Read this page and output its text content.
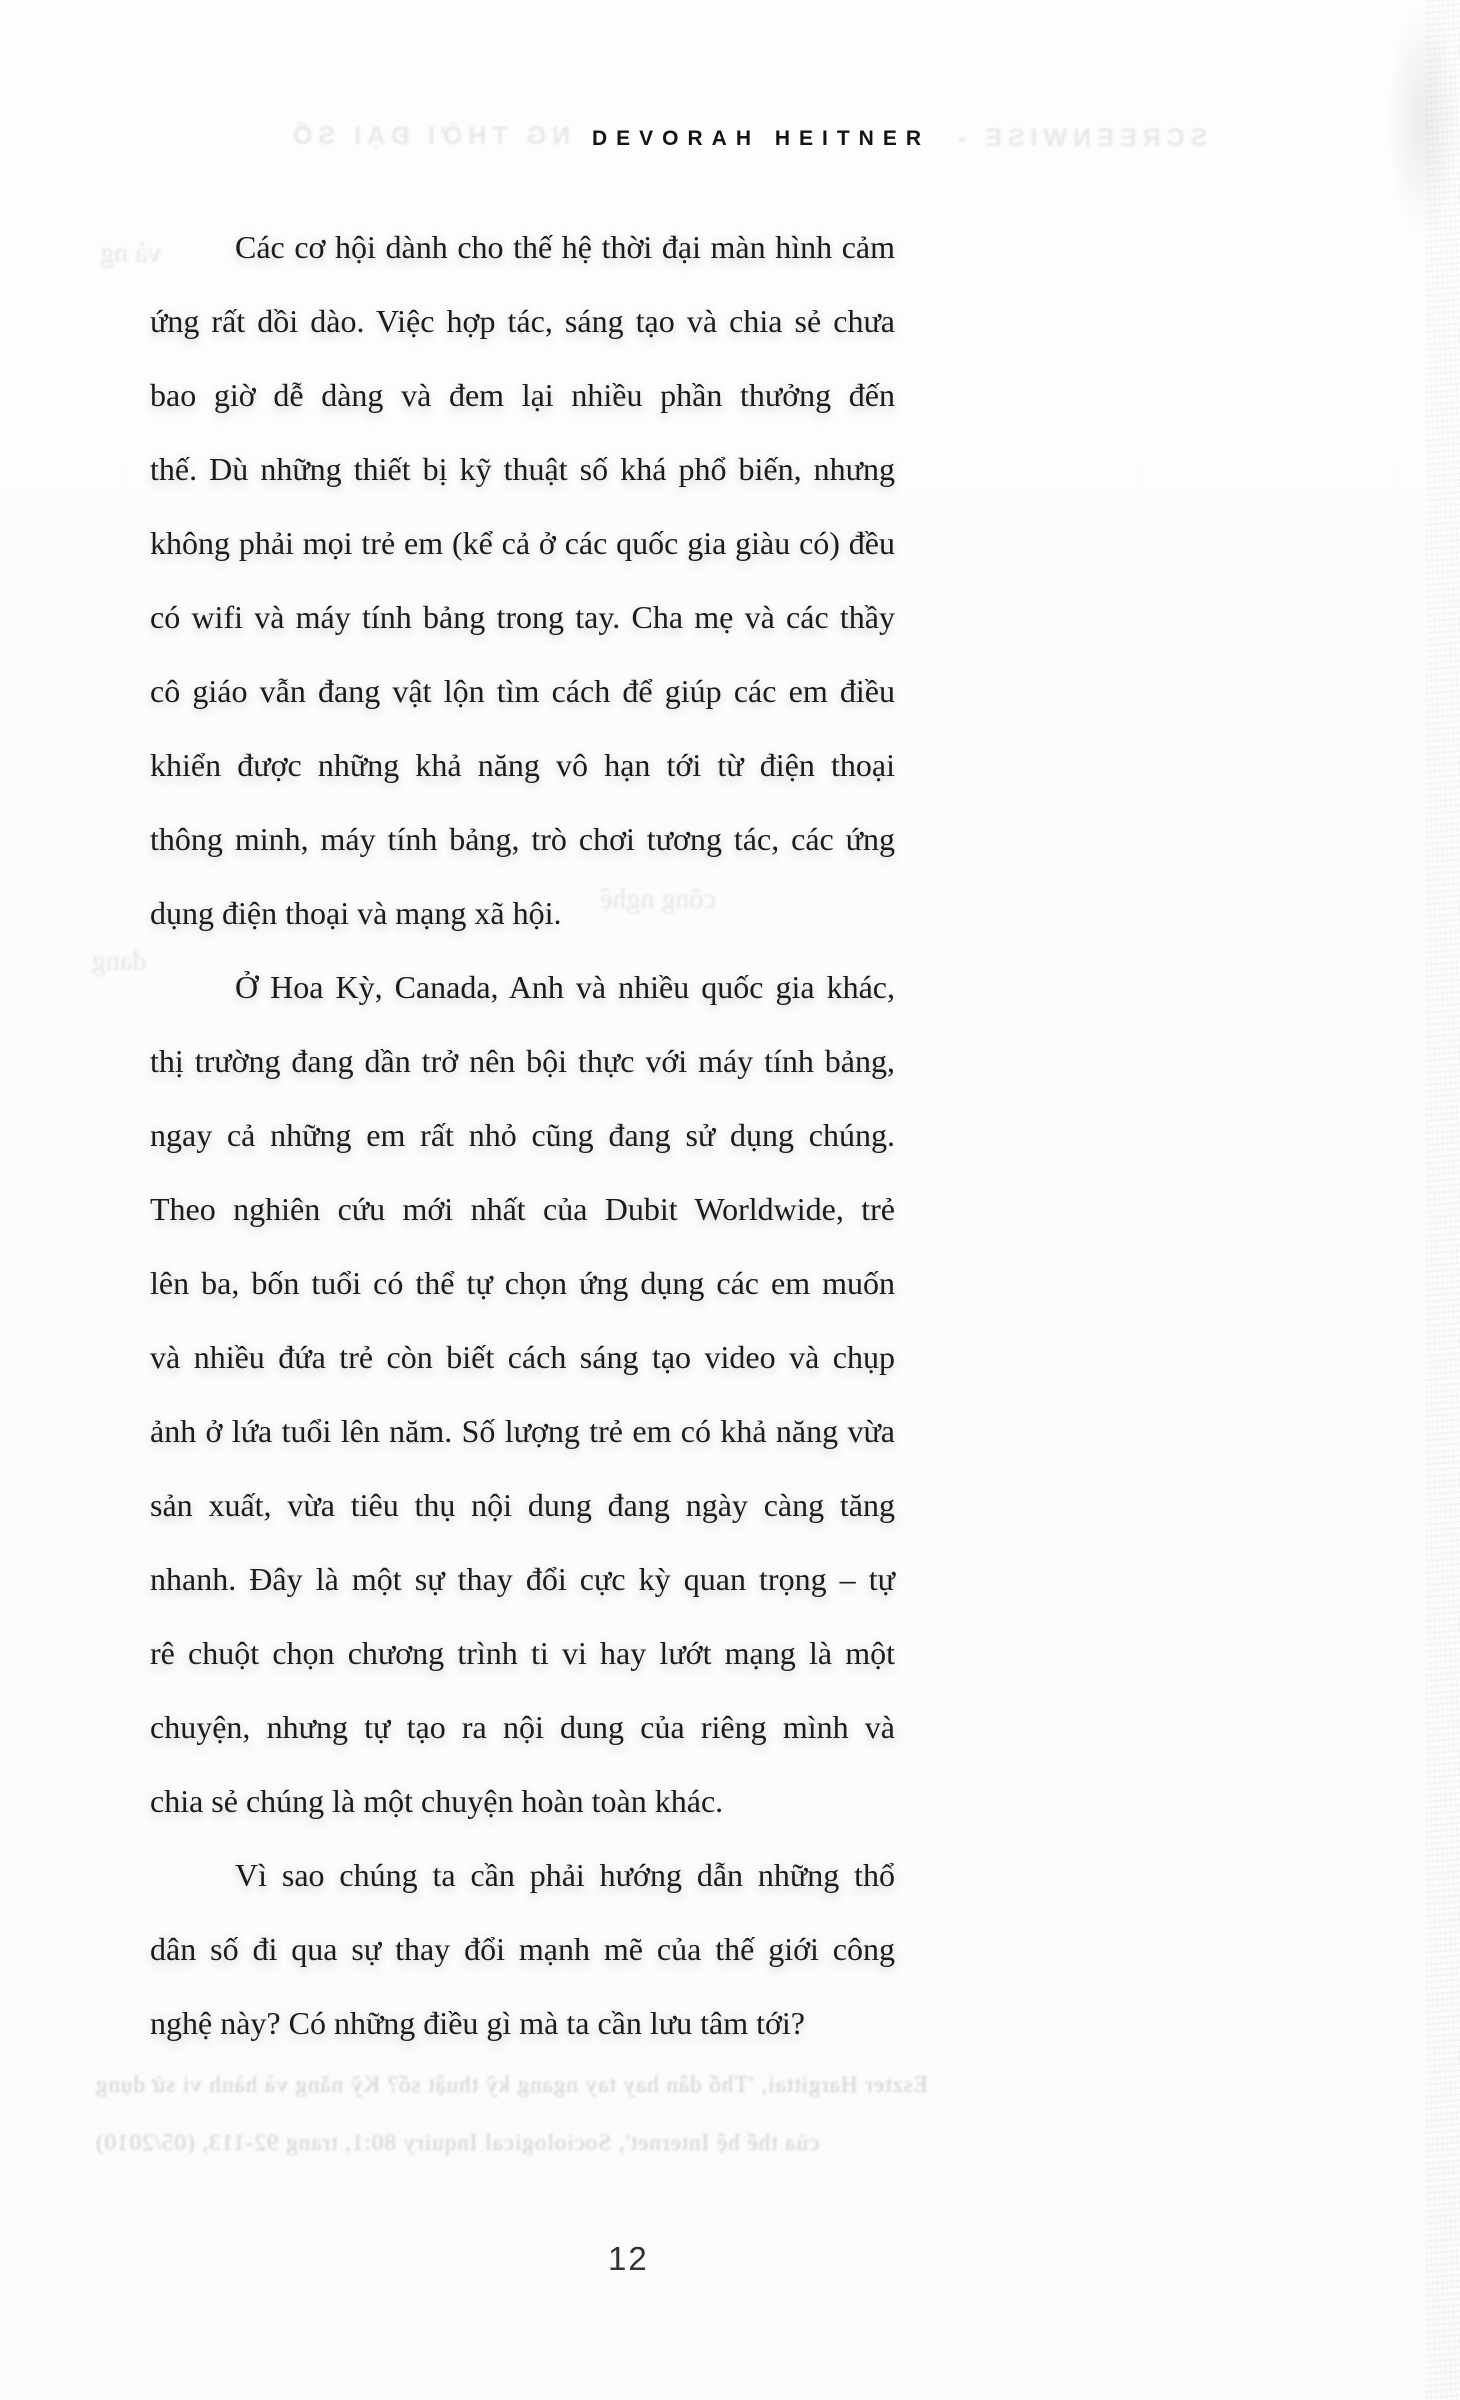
NG THỜI ĐẠI SỐ DEVORAH HEITNER SCREENWISE -
Các cơ hội dành cho thế hệ thời đại màn hình cảm
ứng rất dồi dào. Việc hợp tác, sáng tạo và chia sẻ chưa
bao giờ dễ dàng và đem lại nhiều phần thưởng đến
thế. Dù những thiết bị kỹ thuật số khá phổ biến, nhưng
không phải mọi trẻ em (kể cả ở các quốc gia giàu có) đều
có wifi và máy tính bảng trong tay. Cha mẹ và các thầy
cô giáo vẫn đang vật lộn tìm cách để giúp các em điều
khiển được những khả năng vô hạn tới từ điện thoại
thông minh, máy tính bảng, trò chơi tương tác, các ứng
dụng điện thoại và mạng xã hội.
Ở Hoa Kỳ, Canada, Anh và nhiều quốc gia khác,
thị trường đang dần trở nên bội thực với máy tính bảng,
ngay cả những em rất nhỏ cũng đang sử dụng chúng.
Theo nghiên cứu mới nhất của Dubit Worldwide, trẻ
lên ba, bốn tuổi có thể tự chọn ứng dụng các em muốn
và nhiều đứa trẻ còn biết cách sáng tạo video và chụp
ảnh ở lứa tuổi lên năm. Số lượng trẻ em có khả năng vừa
sản xuất, vừa tiêu thụ nội dung đang ngày càng tăng
nhanh. Đây là một sự thay đổi cực kỳ quan trọng – tự
rê chuột chọn chương trình ti vi hay lướt mạng là một
chuyện, nhưng tự tạo ra nội dung của riêng mình và
chia sẻ chúng là một chuyện hoàn toàn khác.
Vì sao chúng ta cần phải hướng dẫn những thổ
dân số đi qua sự thay đổi mạnh mẽ của thế giới công
nghệ này? Có những điều gì mà ta cần lưu tâm tới?
và ng
công nghệ
đang
Eszter Hargittai, 'Thổ dân hay tay ngang kỹ thuật số? Kỹ năng và hành vi sử dụng
của thế hệ Internet', Sociological Inquiry 80:1, trang 92-113, (05/2010)
12
